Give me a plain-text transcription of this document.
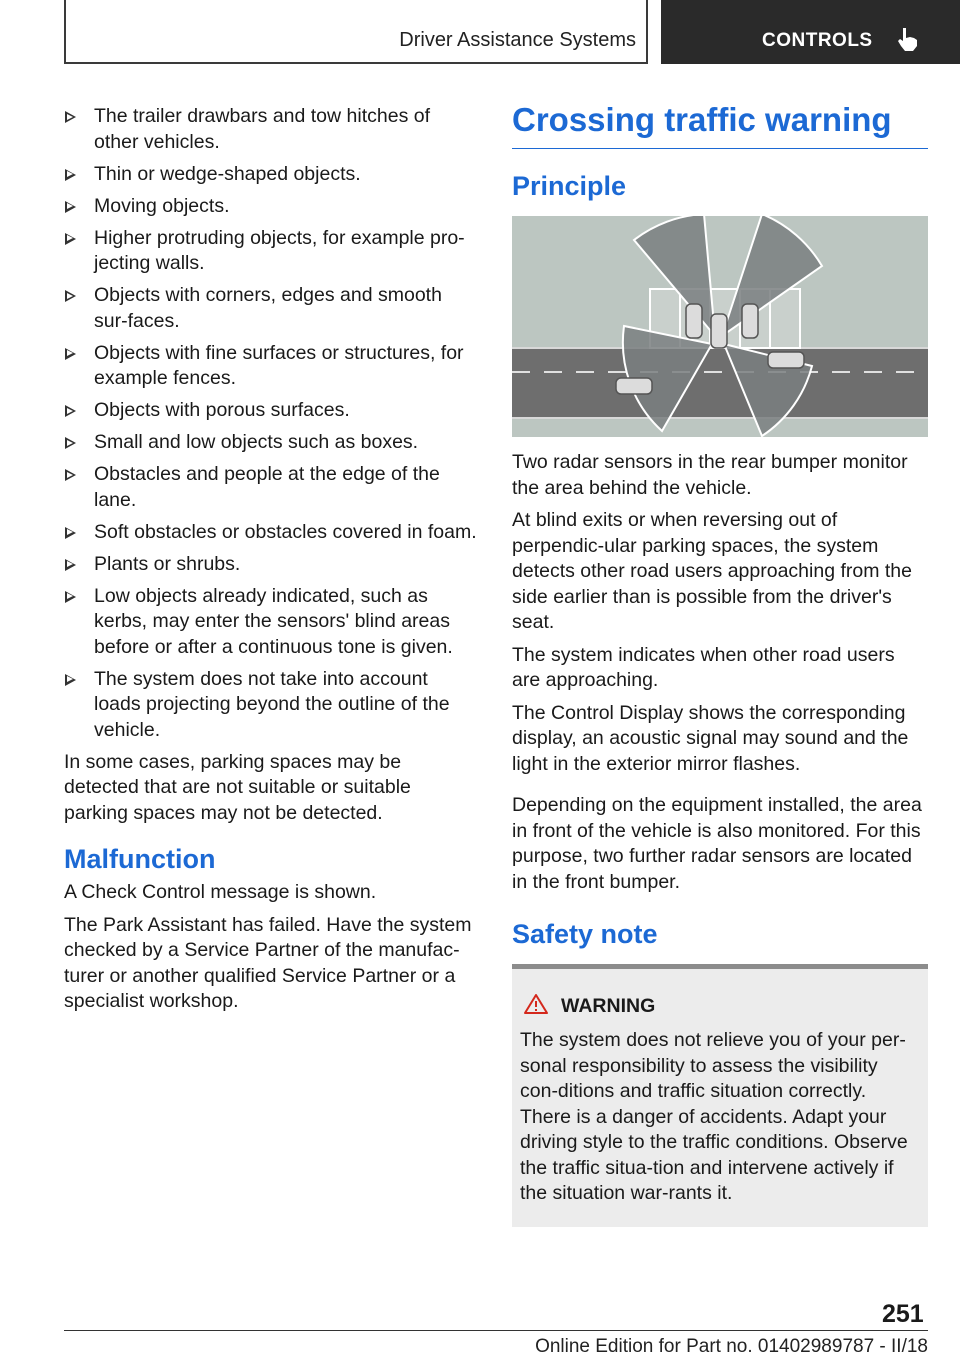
Driver Assistance Systems	CONTROLS
The trailer drawbars and tow hitches of other vehicles.
Thin or wedge-shaped objects.
Moving objects.
Higher protruding objects, for example pro-jecting walls.
Objects with corners, edges and smooth sur-faces.
Objects with fine surfaces or structures, for example fences.
Objects with porous surfaces.
Small and low objects such as boxes.
Obstacles and people at the edge of the lane.
Soft obstacles or obstacles covered in foam.
Plants or shrubs.
Low objects already indicated, such as kerbs, may enter the sensors' blind areas before or after a continuous tone is given.
The system does not take into account loads projecting beyond the outline of the vehicle.

In some cases, parking spaces may be detected that are not suitable or suitable parking spaces may not be detected.

Malfunction

A Check Control message is shown.

The Park Assistant has failed. Have the system checked by a Service Partner of the manufac-turer or another qualified Service Partner or a specialist workshop.

Crossing traffic warning
Principle

Two radar sensors in the rear bumper monitor the area behind the vehicle.

At blind exits or when reversing out of perpendic-ular parking spaces, the system detects other road users approaching from the side earlier than is possible from the driver's seat.

The system indicates when other road users are approaching.

The Control Display shows the corresponding display, an acoustic signal may sound and the light in the exterior mirror flashes.

Depending on the equipment installed, the area in front of the vehicle is also monitored. For this purpose, two further radar sensors are located in the front bumper.

Safety note
WARNING

The system does not relieve you of your per-sonal responsibility to assess the visibility con-ditions and traffic situation correctly. There is a danger of accidents. Adapt your driving style to the traffic conditions. Observe the traffic situa-tion and intervene actively if the situation war-rants it.

251
Online Edition for Part no. 01402989787 - II/18
